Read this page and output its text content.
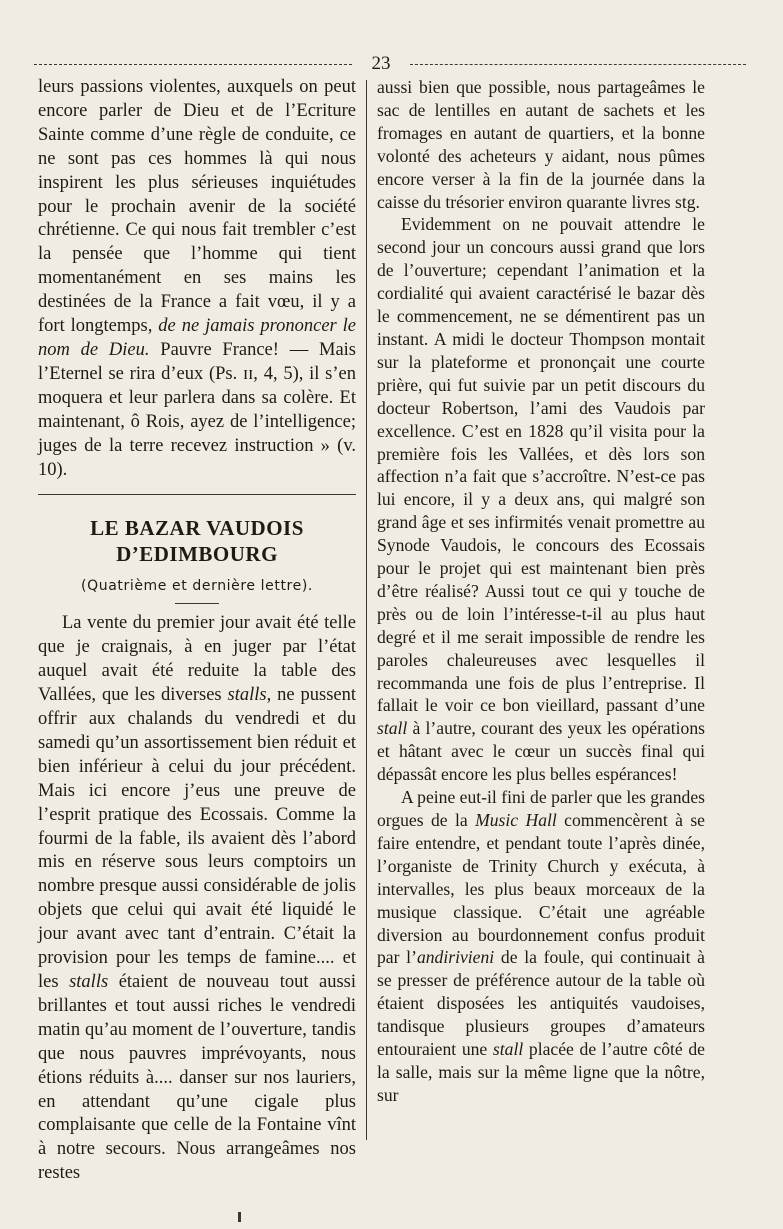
23

leurs passions violentes, auxquels on peut encore parler de Dieu et de l’Ecriture Sainte comme d’une règle de conduite, ce ne sont pas ces hommes là qui nous inspirent les plus sérieuses inquiétudes pour le prochain avenir de la société chrétienne. Ce qui nous fait trembler c’est la pensée que l’homme qui tient momentanément en ses mains les destinées de la France a fait vœu, il y a fort longtemps, de ne jamais prononcer le nom de Dieu. Pauvre France! — Mais l’Eternel se rira d’eux (Ps. ɪɪ, 4, 5), il s’en moquera et leur parlera dans sa colère. Et maintenant, ô Rois, ayez de l’intelligence; juges de la terre recevez instruction » (v. 10).

LE BAZAR VAUDOIS D’EDIMBOURG
(Quatrième et dernière lettre).

La vente du premier jour avait été telle que je craignais, à en juger par l’état auquel avait été reduite la table des Vallées, que les diverses stalls, ne pussent offrir aux chalands du vendredi et du samedi qu’un assortissement bien réduit et bien inférieur à celui du jour précédent. Mais ici encore j’eus une preuve de l’esprit pratique des Ecossais. Comme la fourmi de la fable, ils avaient dès l’abord mis en réserve sous leurs comptoirs un nombre presque aussi considérable de jolis objets que celui qui avait été liquidé le jour avant avec tant d’entrain. C’était la provision pour les temps de famine.... et les stalls étaient de nouveau tout aussi brillantes et tout aussi riches le vendredi matin qu’au moment de l’ouverture, tandis que nous pauvres imprévoyants, nous étions réduits à.... danser sur nos lauriers, en attendant qu’une cigale plus complaisante que celle de la Fontaine vînt à notre secours. Nous arrangeâmes nos restes

aussi bien que possible, nous partageâmes le sac de lentilles en autant de sachets et les fromages en autant de quartiers, et la bonne volonté des acheteurs y aidant, nous pûmes encore verser à la fin de la journée dans la caisse du trésorier environ quarante livres stg.

Evidemment on ne pouvait attendre le second jour un concours aussi grand que lors de l’ouverture; cependant l’animation et la cordialité qui avaient caractérisé le bazar dès le commencement, ne se démentirent pas un instant. A midi le docteur Thompson montait sur la plateforme et prononçait une courte prière, qui fut suivie par un petit discours du docteur Robertson, l’ami des Vaudois par excellence. C’est en 1828 qu’il visita pour la première fois les Vallées, et dès lors son affection n’a fait que s’accroître. N’est-ce pas lui encore, il y a deux ans, qui malgré son grand âge et ses infirmités venait promettre au Synode Vaudois, le concours des Ecossais pour le projet qui est maintenant bien près d’être réalisé? Aussi tout ce qui y touche de près ou de loin l’intéresse-t-il au plus haut degré et il me serait impossible de rendre les paroles chaleureuses avec lesquelles il recommanda une fois de plus l’entreprise. Il fallait le voir ce bon vieillard, passant d’une stall à l’autre, courant des yeux les opérations et hâtant avec le cœur un succès final qui dépassât encore les plus belles espérances!

A peine eut-il fini de parler que les grandes orgues de la Music Hall commencèrent à se faire entendre, et pendant toute l’après dinée, l’organiste de Trinity Church y exécuta, à intervalles, les plus beaux morceaux de la musique classique. C’était une agréable diversion au bourdonnement confus produit par l’andirivieni de la foule, qui continuait à se presser de préférence autour de la table où étaient disposées les antiquités vaudoises, tandisque plusieurs groupes d’amateurs entouraient une stall placée de l’autre côté de la salle, mais sur la même ligne que la nôtre, sur
